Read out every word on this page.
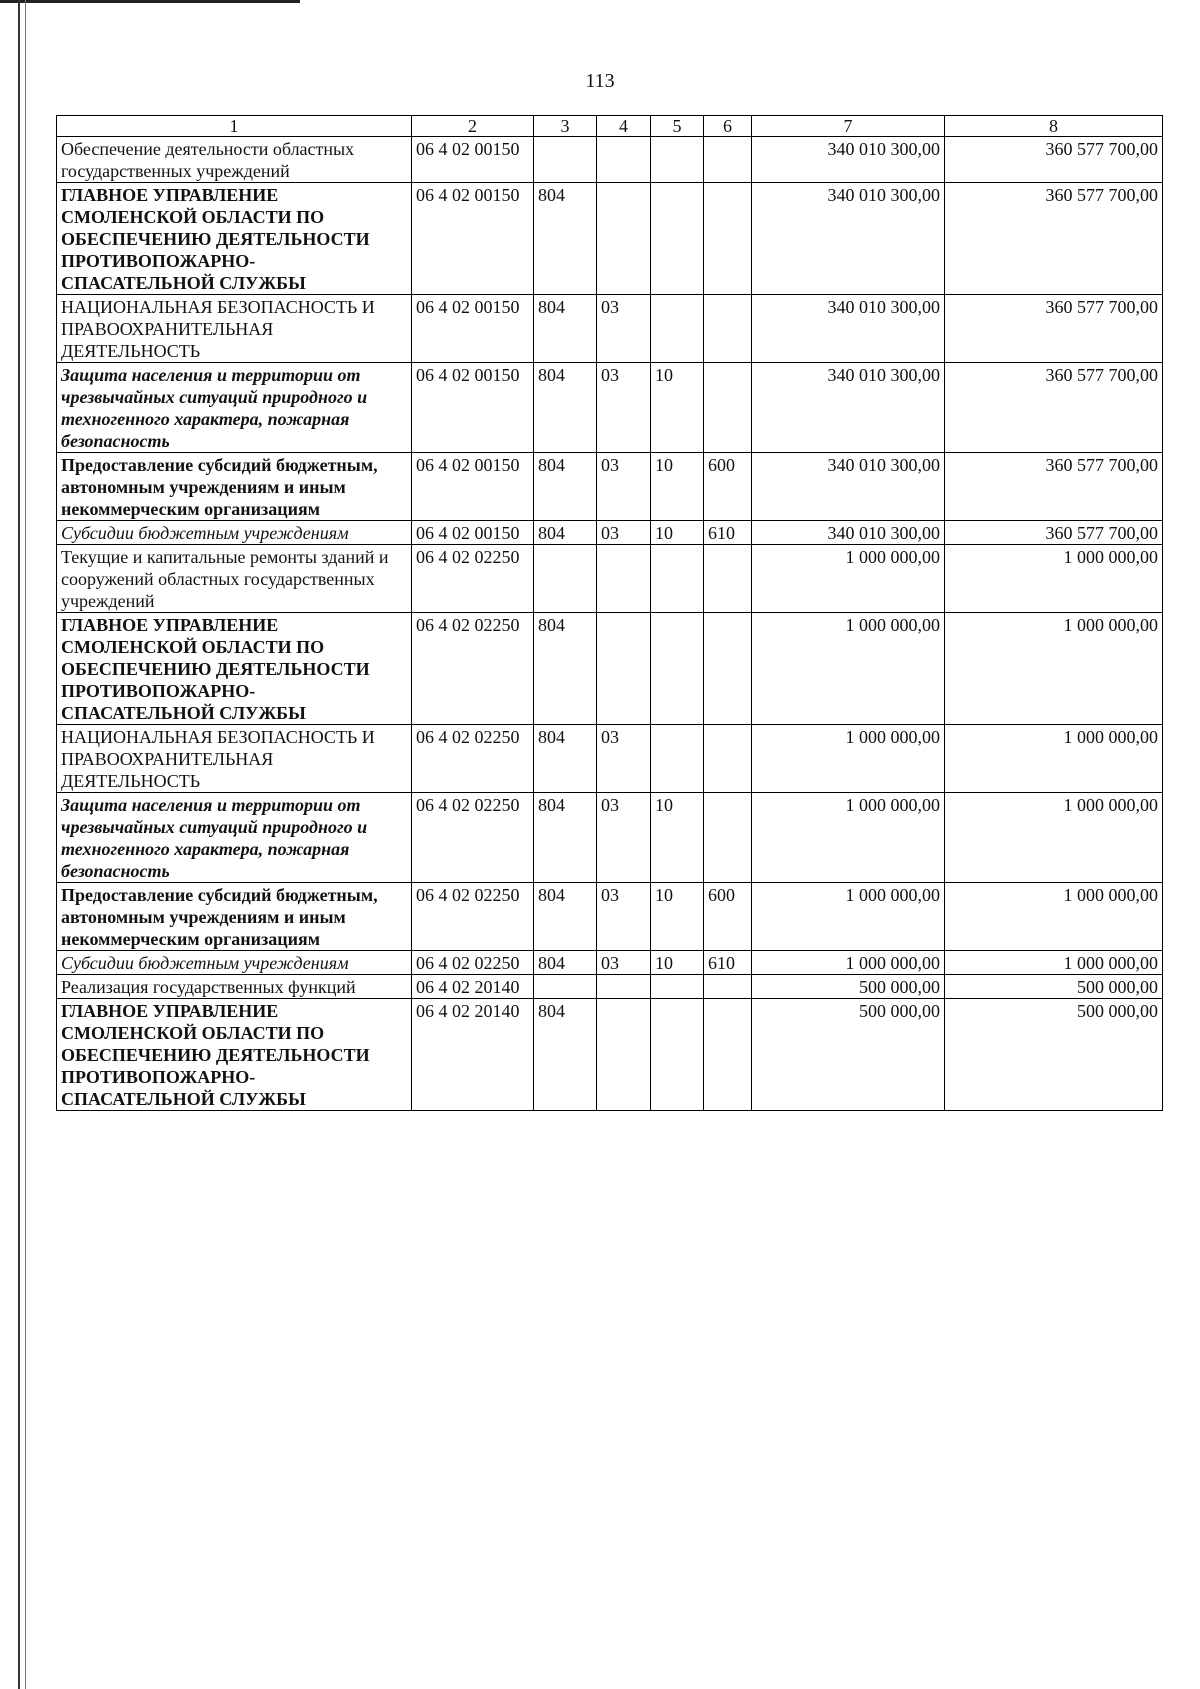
113
1	2	3	4	5	6	7	8
Обеспечение деятельности областных государственных учреждений	06 4 02 00150					340 010 300,00	360 577 700,00
ГЛАВНОЕ УПРАВЛЕНИЕ СМОЛЕНСКОЙ ОБЛАСТИ ПО ОБЕСПЕЧЕНИЮ ДЕЯТЕЛЬНОСТИ ПРОТИВОПОЖАРНО-СПАСАТЕЛЬНОЙ СЛУЖБЫ	06 4 02 00150	804				340 010 300,00	360 577 700,00
НАЦИОНАЛЬНАЯ БЕЗОПАСНОСТЬ И ПРАВООХРАНИТЕЛЬНАЯ ДЕЯТЕЛЬНОСТЬ	06 4 02 00150	804	03			340 010 300,00	360 577 700,00
Защита населения и территории от чрезвычайных ситуаций природного и техногенного характера, пожарная безопасность	06 4 02 00150	804	03	10		340 010 300,00	360 577 700,00
Предоставление субсидий бюджетным, автономным учреждениям и иным некоммерческим организациям	06 4 02 00150	804	03	10	600	340 010 300,00	360 577 700,00
Субсидии бюджетным учреждениям	06 4 02 00150	804	03	10	610	340 010 300,00	360 577 700,00
Текущие и капитальные ремонты зданий и сооружений областных государственных учреждений	06 4 02 02250					1 000 000,00	1 000 000,00
ГЛАВНОЕ УПРАВЛЕНИЕ СМОЛЕНСКОЙ ОБЛАСТИ ПО ОБЕСПЕЧЕНИЮ ДЕЯТЕЛЬНОСТИ ПРОТИВОПОЖАРНО-СПАСАТЕЛЬНОЙ СЛУЖБЫ	06 4 02 02250	804				1 000 000,00	1 000 000,00
НАЦИОНАЛЬНАЯ БЕЗОПАСНОСТЬ И ПРАВООХРАНИТЕЛЬНАЯ ДЕЯТЕЛЬНОСТЬ	06 4 02 02250	804	03			1 000 000,00	1 000 000,00
Защита населения и территории от чрезвычайных ситуаций природного и техногенного характера, пожарная безопасность	06 4 02 02250	804	03	10		1 000 000,00	1 000 000,00
Предоставление субсидий бюджетным, автономным учреждениям и иным некоммерческим организациям	06 4 02 02250	804	03	10	600	1 000 000,00	1 000 000,00
Субсидии бюджетным учреждениям	06 4 02 02250	804	03	10	610	1 000 000,00	1 000 000,00
Реализация государственных функций	06 4 02 20140					500 000,00	500 000,00
ГЛАВНОЕ УПРАВЛЕНИЕ СМОЛЕНСКОЙ ОБЛАСТИ ПО ОБЕСПЕЧЕНИЮ ДЕЯТЕЛЬНОСТИ ПРОТИВОПОЖАРНО-СПАСАТЕЛЬНОЙ СЛУЖБЫ	06 4 02 20140	804				500 000,00	500 000,00
